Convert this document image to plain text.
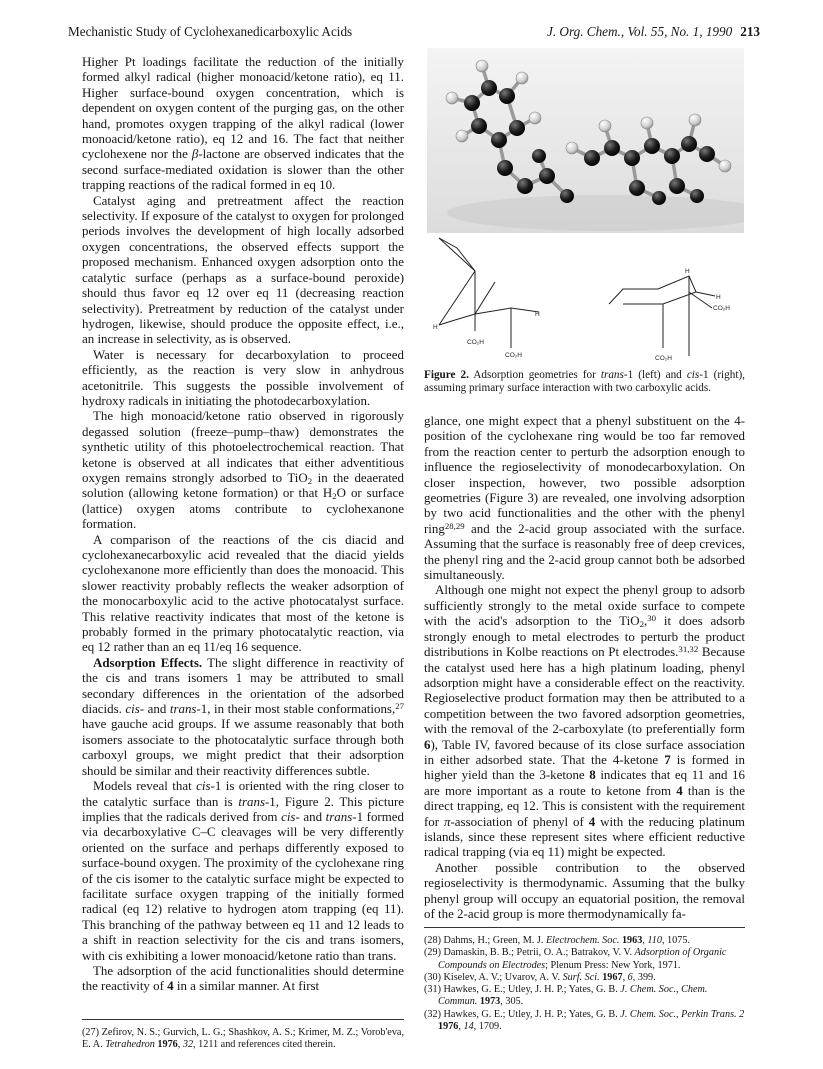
Mechanistic Study of Cyclohexanedicarboxylic Acids	J. Org. Chem., Vol. 55, No. 1, 1990 213

Higher Pt loadings facilitate the reduction of the initially formed alkyl radical (higher monoacid/ketone ratio), eq 11. Higher surface-bound oxygen concentration, which is dependent on oxygen content of the purging gas, on the other hand, promotes oxygen trapping of the alkyl radical (lower monoacid/ketone ratio), eq 12 and 16. The fact that neither cyclohexene nor the β-lactone are observed indicates that the second surface-mediated oxidation is slower than the other trapping reactions of the radical formed in eq 10.

Catalyst aging and pretreatment affect the reaction selectivity. If exposure of the catalyst to oxygen for prolonged periods involves the development of high locally adsorbed oxygen concentrations, the observed effects support the proposed mechanism. Enhanced oxygen adsorption onto the catalytic surface (perhaps as a surface-bound peroxide) should thus favor eq 12 over eq 11 (decreasing reaction selectivity). Pretreatment by reduction of the catalyst under hydrogen, likewise, should produce the opposite effect, i.e., an increase in selectivity, as is observed.

Water is necessary for decarboxylation to proceed efficiently, as the reaction is very slow in anhydrous acetonitrile. This suggests the possible involvement of hydroxy radicals in initiating the photodecarboxylation.

The high monoacid/ketone ratio observed in rigorously degassed solution (freeze–pump–thaw) demonstrates the synthetic utility of this photoelectrochemical reaction. That ketone is observed at all indicates that either adventitious oxygen remains strongly adsorbed to TiO$_2$ in the deaerated solution (allowing ketone formation) or that $H_2O$ or surface (lattice) oxygen atoms contribute to cyclohexanone formation.

A comparison of the reactions of the cis diacid and cyclohexanecarboxylic acid revealed that the diacid yields cyclohexanone more efficiently than does the monoacid. This slower reactivity probably reflects the weaker adsorption of the monocarboxylic acid to the active photocatalyst surface. This relative reactivity indicates that most of the ketone is probably formed in the primary photocatalytic reaction, via eq 12 rather than an eq 11/eq 16 sequence.

Adsorption Effects. The slight difference in reactivity of the cis and trans isomers 1 may be attributed to small secondary differences in the orientation of the adsorbed diacids. cis- and trans-1, in their most stable conformations,$^{27}$ have gauche acid groups. If we assume reasonably that both isomers associate to the photocatalytic surface through both carboxyl groups, we might predict that their adsorption should be similar and their reactivity differences subtle.

Models reveal that cis-1 is oriented with the ring closer to the catalytic surface than is trans-1, Figure 2. This picture implies that the radicals derived from cis- and trans-1 formed via decarboxylative C–C cleavages will be very differently oriented on the surface and perhaps differently exposed to surface-bound oxygen. The proximity of the cyclohexane ring of the cis isomer to the catalytic surface might be expected to facilitate surface oxygen trapping of the initially formed radical (eq 12) relative to hydrogen atom trapping (eq 11). This branching of the pathway between eq 11 and 12 leads to a shift in reaction selectivity for the cis and trans isomers, with cis exhibiting a lower monoacid/ketone ratio than trans.

The adsorption of the acid functionalities should determine the reactivity of 4 in a similar manner. At first

(27) Zefirov, N. S.; Gurvich, L. G.; Shashkov, A. S.; Krimer, M. Z.; Vorob'eva, E. A. Tetrahedron 1976, 32, 1211 and references cited therein.
H
H
CO₂H
CO₂H
H
CO₂H
H
CO₂H
Figure 2. Adsorption geometries for trans-1 (left) and cis-1 (right), assuming primary surface interaction with two carboxylic acids.

glance, one might expect that a phenyl substituent on the 4-position of the cyclohexane ring would be too far removed from the reaction center to perturb the adsorption enough to influence the regioselectivity of monodecarboxylation. On closer inspection, however, two possible adsorption geometries (Figure 3) are revealed, one involving adsorption by two acid functionalities and the other with the phenyl ring$^{28,29}$ and the 2-acid group associated with the surface. Assuming that the surface is reasonably free of deep crevices, the phenyl ring and the 2-acid group cannot both be adsorbed simultaneously.

Although one might not expect the phenyl group to adsorb sufficiently strongly to the metal oxide surface to compete with the acid's adsorption to the TiO$_2$,$^{30}$ it does adsorb strongly enough to metal electrodes to perturb the product distributions in Kolbe reactions on Pt electrodes.$^{31,32}$ Because the catalyst used here has a high platinum loading, phenyl adsorption might have a considerable effect on the reactivity. Regioselective product formation may then be attributed to a competition between the two favored adsorption geometries, with the removal of the 2-carboxylate (to preferentially form 6), Table IV, favored because of its close surface association in either adsorbed state. That the 4-ketone 7 is formed in higher yield than the 3-ketone 8 indicates that eq 11 and 16 are more important as a route to ketone from 4 than is the direct trapping, eq 12. This is consistent with the requirement for π-association of phenyl of 4 with the reducing platinum islands, since these represent sites where efficient reductive radical trapping (via eq 11) might be expected.

Another possible contribution to the observed regioselectivity is thermodynamic. Assuming that the bulky phenyl group will occupy an equatorial position, the removal of the 2-acid group is more thermodynamically fa-

(28) Dahms, H.; Green, M. J. Electrochem. Soc. 1963, 110, 1075.
(29) Damaskin, B. B.; Petrii, O. A.; Batrakov, V. V. Adsorption of Organic Compounds on Electrodes; Plenum Press: New York, 1971.
(30) Kiselev, A. V.; Uvarov, A. V. Surf. Sci. 1967, 6, 399.
(31) Hawkes, G. E.; Utley, J. H. P.; Yates, G. B. J. Chem. Soc., Chem. Commun. 1973, 305.
(32) Hawkes, G. E.; Utley, J. H. P.; Yates, G. B. J. Chem. Soc., Perkin Trans. 2 1976, 14, 1709.
